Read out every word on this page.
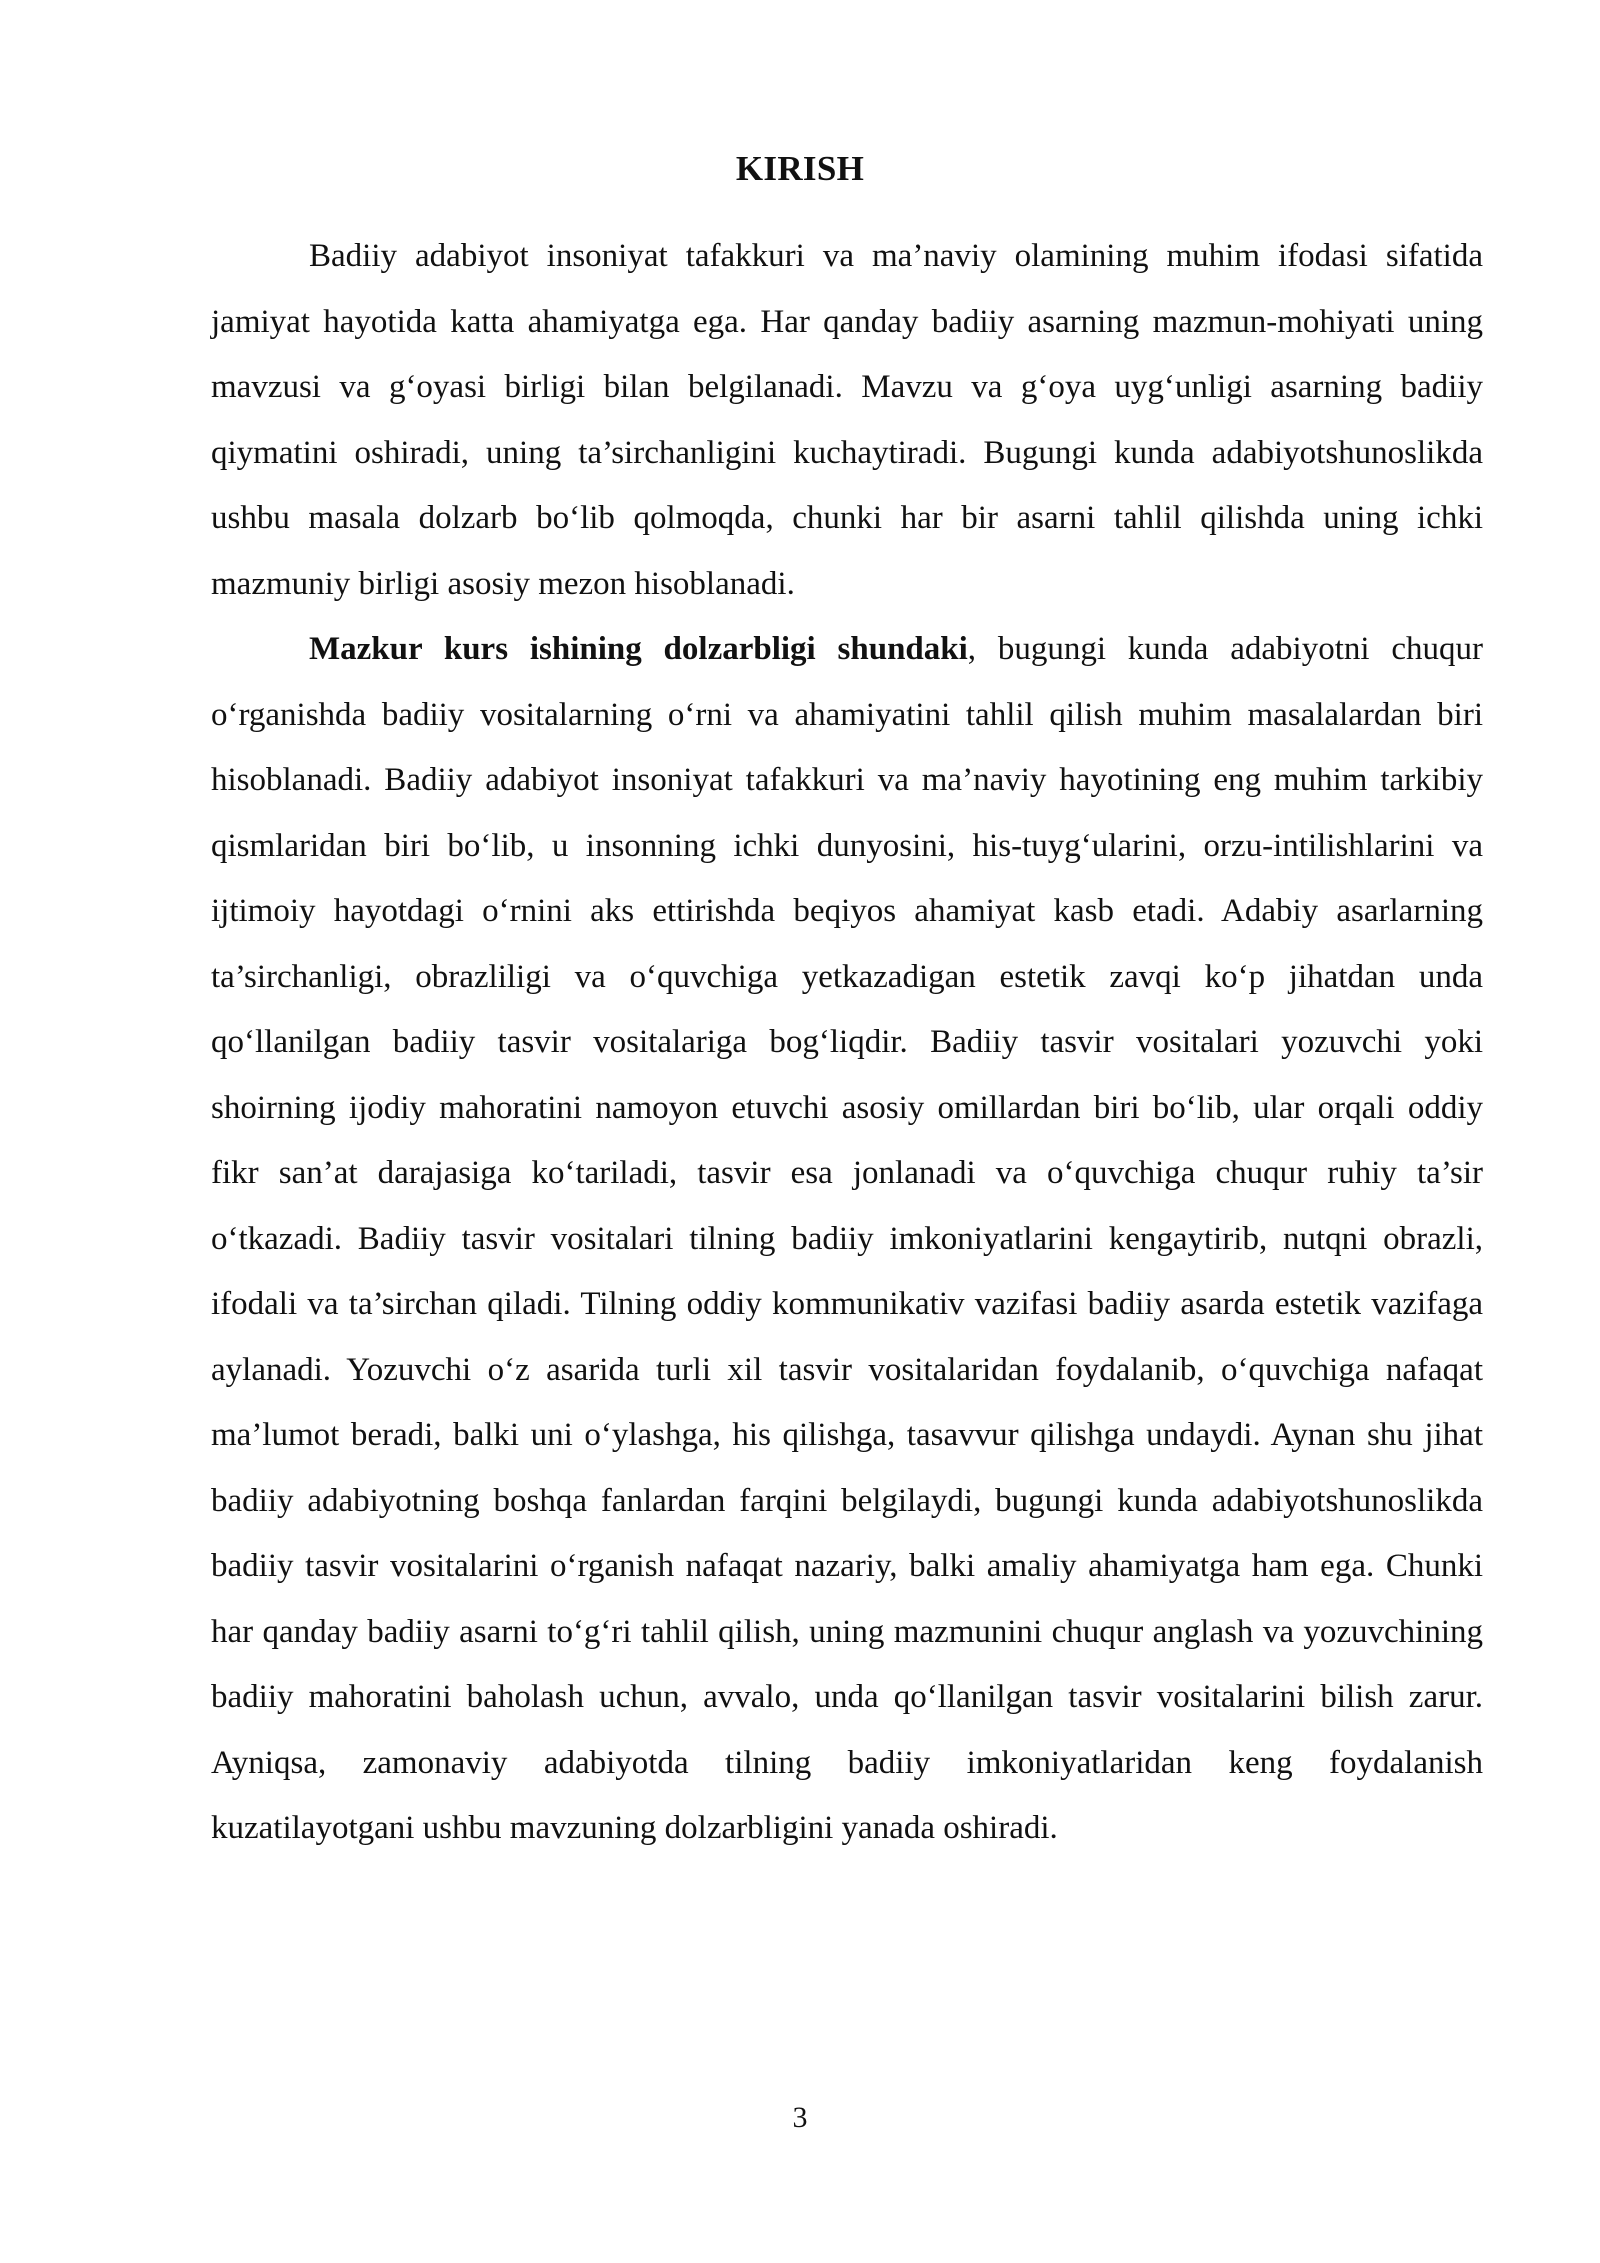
KIRISH

Badiiy adabiyot insoniyat tafakkuri va ma’naviy olamining muhim ifodasi sifatida jamiyat hayotida katta ahamiyatga ega. Har qanday badiiy asarning mazmun-mohiyati uning mavzusi va g‘oyasi birligi bilan belgilanadi. Mavzu va g‘oya uyg‘unligi asarning badiiy qiymatini oshiradi, uning ta’sirchanligini kuchaytiradi. Bugungi kunda adabiyotshunoslikda ushbu masala dolzarb bo‘lib qolmoqda, chunki har bir asarni tahlil qilishda uning ichki mazmuniy birligi asosiy mezon hisoblanadi.

Mazkur kurs ishining dolzarbligi shundaki, bugungi kunda adabiyotni chuqur o‘rganishda badiiy vositalarning o‘rni va ahamiyatini tahlil qilish muhim masalalardan biri hisoblanadi. Badiiy adabiyot insoniyat tafakkuri va ma’naviy hayotining eng muhim tarkibiy qismlaridan biri bo‘lib, u insonning ichki dunyosini, his-tuyg‘ularini, orzu-intilishlarini va ijtimoiy hayotdagi o‘rnini aks ettirishda beqiyos ahamiyat kasb etadi. Adabiy asarlarning ta’sirchanligi, obrazliligi va o‘quvchiga yetkazadigan estetik zavqi ko‘p jihatdan unda qo‘llanilgan badiiy tasvir vositalariga bog‘liqdir. Badiiy tasvir vositalari yozuvchi yoki shoirning ijodiy mahoratini namoyon etuvchi asosiy omillardan biri bo‘lib, ular orqali oddiy fikr san’at darajasiga ko‘tariladi, tasvir esa jonlanadi va o‘quvchiga chuqur ruhiy ta’sir o‘tkazadi. Badiiy tasvir vositalari tilning badiiy imkoniyatlarini kengaytirib, nutqni obrazli, ifodali va ta’sirchan qiladi. Tilning oddiy kommunikativ vazifasi badiiy asarda estetik vazifaga aylanadi. Yozuvchi o‘z asarida turli xil tasvir vositalaridan foydalanib, o‘quvchiga nafaqat ma’lumot beradi, balki uni o‘ylashga, his qilishga, tasavvur qilishga undaydi. Aynan shu jihat badiiy adabiyotning boshqa fanlardan farqini belgilaydi, bugungi kunda adabiyotshunoslikda badiiy tasvir vositalarini o‘rganish nafaqat nazariy, balki amaliy ahamiyatga ham ega. Chunki har qanday badiiy asarni to‘g‘ri tahlil qilish, uning mazmunini chuqur anglash va yozuvchining badiiy mahoratini baholash uchun, avvalo, unda qo‘llanilgan tasvir vositalarini bilish zarur. Ayniqsa, zamonaviy adabiyotda tilning badiiy imkoniyatlaridan keng foydalanish kuzatilayotgani ushbu mavzuning dolzarbligini yanada oshiradi.

3
